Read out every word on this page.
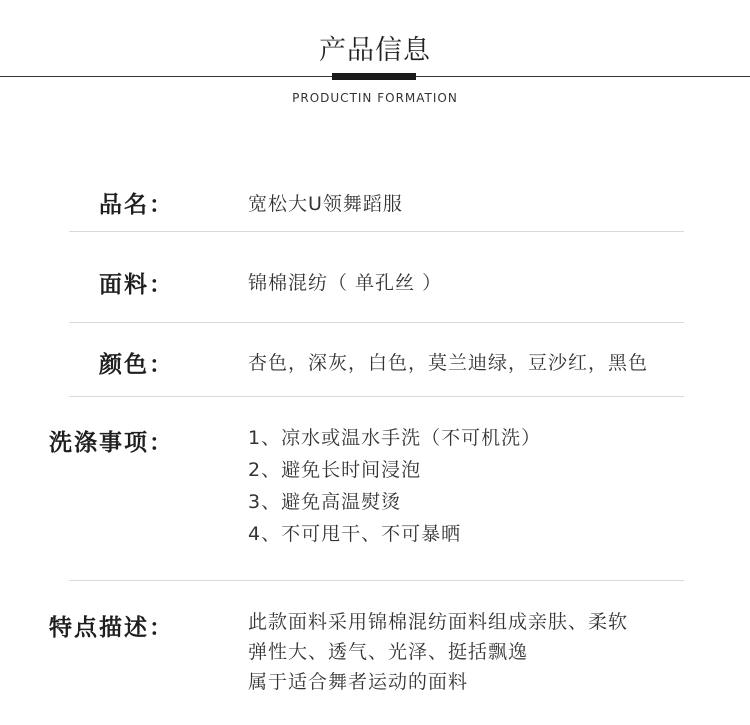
产品信息
PRODUCTIN FORMATION
品名：	宽松大U领舞蹈服
面料：	锦棉混纺（ 单孔丝 ）
颜色：	杏色，深灰，白色，莫兰迪绿，豆沙红，黑色
洗涤事项：	1、凉水或温水手洗（不可机洗）
2、避免长时间浸泡
3、避免高温熨烫
4、不可甩干、不可暴晒
特点描述：	此款面料采用锦棉混纺面料组成亲肤、柔软
弹性大、透气、光泽、挺括飘逸
属于适合舞者运动的面料
